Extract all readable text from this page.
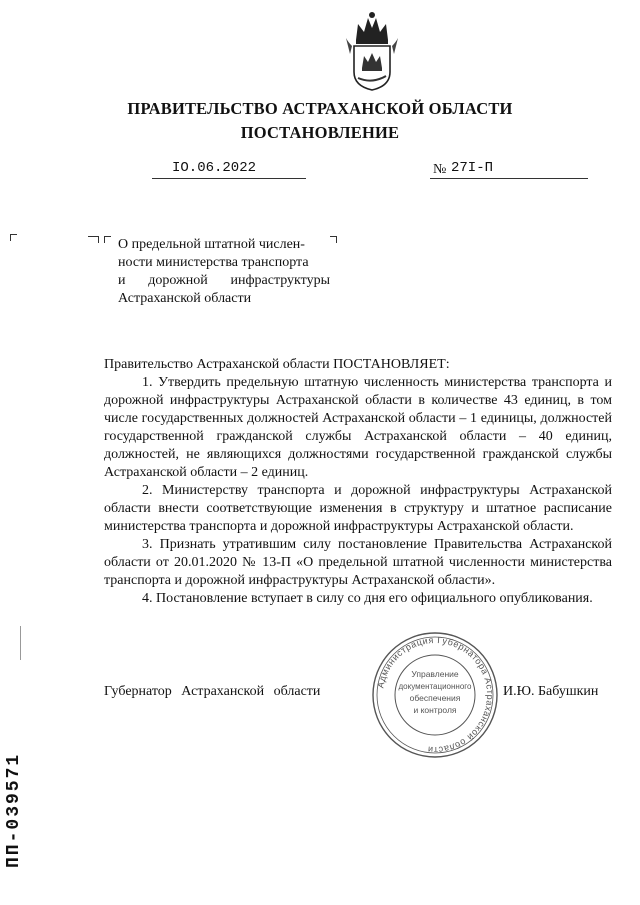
ПРАВИТЕЛЬСТВО АСТРАХАНСКОЙ ОБЛАСТИ
ПОСТАНОВЛЕНИЕ
IO.06.2022	№ 27I-П

О предельной штатной числен-

ности министерства транспорта

и дорожной инфраструктуры

Астраханской области

Правительство Астраханской области ПОСТАНОВЛЯЕТ:

1. Утвердить предельную штатную численность министерства транспорта и дорожной инфраструктуры Астраханской области в количестве 43 единиц, в том числе государственных должностей Астраханской области – 1 единицы, должностей государственной гражданской службы Астраханской области – 40 единиц, должностей, не являющихся должностями государственной гражданской службы Астраханской области – 2 единиц.

2. Министерству транспорта и дорожной инфраструктуры Астраханской области внести соответствующие изменения в структуру и штатное расписание министерства транспорта и дорожной инфраструктуры Астраханской области.

3. Признать утратившим силу постановление Правительства Астраханской области от 20.01.2020 № 13-П «О предельной штатной численности министерства транспорта и дорожной инфраструктуры Астраханской области».

4. Постановление вступает в силу со дня его официального опубликования.

Губернатор Астраханской области	И.Ю. Бабушкин
Администрация Губернатора Астраханской области
Управление
документационного
обеспечения
и контроля
ПП-039571
